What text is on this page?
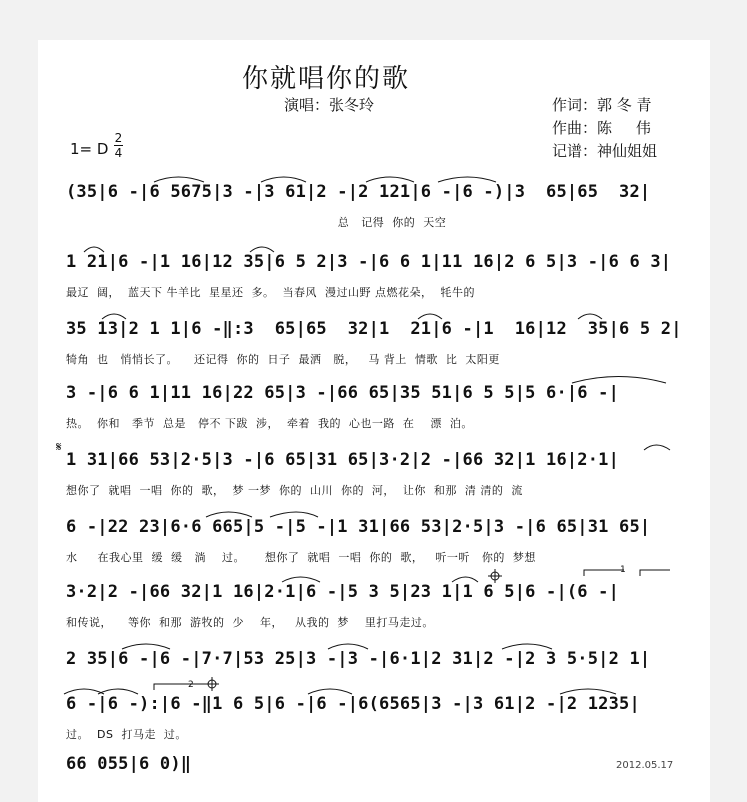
你就唱你的歌
演唱：张冬玲	作词：郭 冬 青
作曲：陈     伟
记谱：神仙姐姐
1= D
2
4
(35|6 -|6 5675|3 -|3 61|2 -|2 121|6 -|6 -)|3  65|65  32|
总   记得  你的  天空
1 21|6 -|1 16|12 35|6 5 2|3 -|6 6 1|11 16|2 6 5|3 -|6 6 3|
最辽  阔，  蓝天下 牛羊比  星星还  多。  当春风  漫过山野 点燃花朵，  牦牛的
35 13|2 1 1|6 -‖:3  65|65  32|1  21|6 -|1  16|12  35|6 5 2|
犄角  也   悄悄长了。    还记得  你的  日子  最洒   脱，   马 背上  情歌  比  太阳更
3 -|6 6 1|11 16|22 65|3 -|66 65|35 51|6 5 5|5 6·|6 -|
热。  你和   季节  总是   停不 下跋  涉，  牵着  我的  心也一路  在    漂  泊。
𝄋
1 31|66 53|2·5|3 -|6 65|31 65|3·2|2 -|66 32|1 16|2·1|
想你了  就唱  一唱  你的  歌，  梦 一梦  你的  山川  你的  河，  让你  和那  清 清的  流
6 -|22 23|6·6 665|5 -|5 -|1 31|66 53|2·5|3 -|6 65|31 65|
水     在我心里  缓  缓   淌    过。     想你了  就唱  一唱  你的  歌，   听一听   你的  梦想
3·2|2 -|66 32|1 16|2·1|6 -|5 3 5|23 1|1 6 5|6 -|(6 -|
和传说，    等你  和那  游牧的  少    年，   从我的  梦    里打马走过。
2 35|6 -|6 -|7·7|53 25|3 -|3 -|6·1|2 31|2 -|2 3 5·5|2 1|
6 -|6 -):|6 -‖1 6 5|6 -|6 -|6(6565|3 -|3 61|2 -|2 1235|
过。  DS  打马走  过。
66 055|6 0)‖
1
2
2012.05.17
